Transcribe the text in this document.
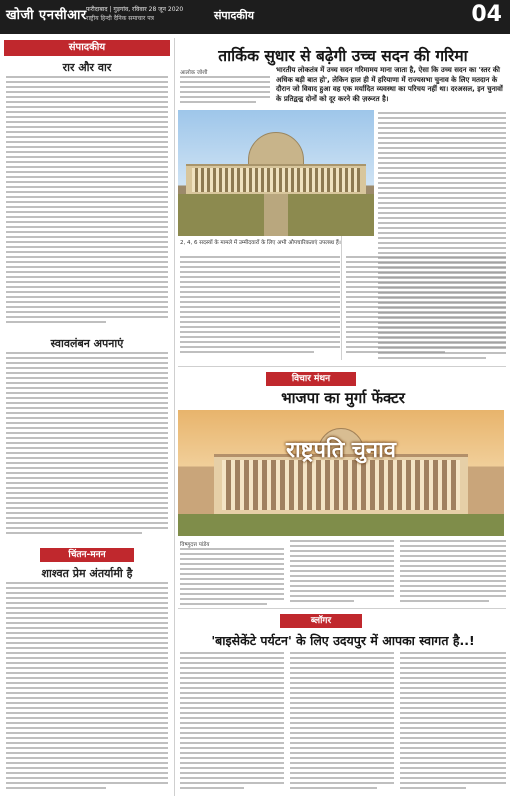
खोजी एनसीआर फरीदाबाद | गुड़गांव, रविवार 28 जून 2020
राष्ट्रीय हिन्दी दैनिक समाचार पत्र	संपादकीय	04
संपादकीय
रार और वार
स्वावलंबन अपनाएं
चिंतन-मनन
शाश्वत प्रेम अंतर्यामी है
तार्किक सुधार से बढ़ेगी उच्च सदन की गरिमा
आलोक जोशी	भारतीय लोकतंत्र में उच्च सदन गरिमामय माना जाता है, ऐसा कि उच्च सदन का 'स्तर की अधिक बड़ी बात हो', लेकिन हाल ही में हरियाणा में राज्यसभा चुनाव के लिए मतदान के दौरान जो विवाद हुआ वह एक मर्यादित व्यवस्था का परिचय नहीं था। दरअसल, इन चुनावों के प्रतिद्वन्द्व दोनों को दूर करने की ज़रूरत है।
2, 4, 6 सदस्यों के मामले में उम्मीदवारों के लिए अभी औपचारिकताएं उपलब्ध हैं।
विचार मंथन
भाजपा का मुर्गा फेंक्टर
राष्ट्रपति चुनाव
विष्णुदत्त पांडेय
ब्लॉगर
'बाइसेकेंटे पर्यटन' के लिए उदयपुर में आपका स्वागत है..!
